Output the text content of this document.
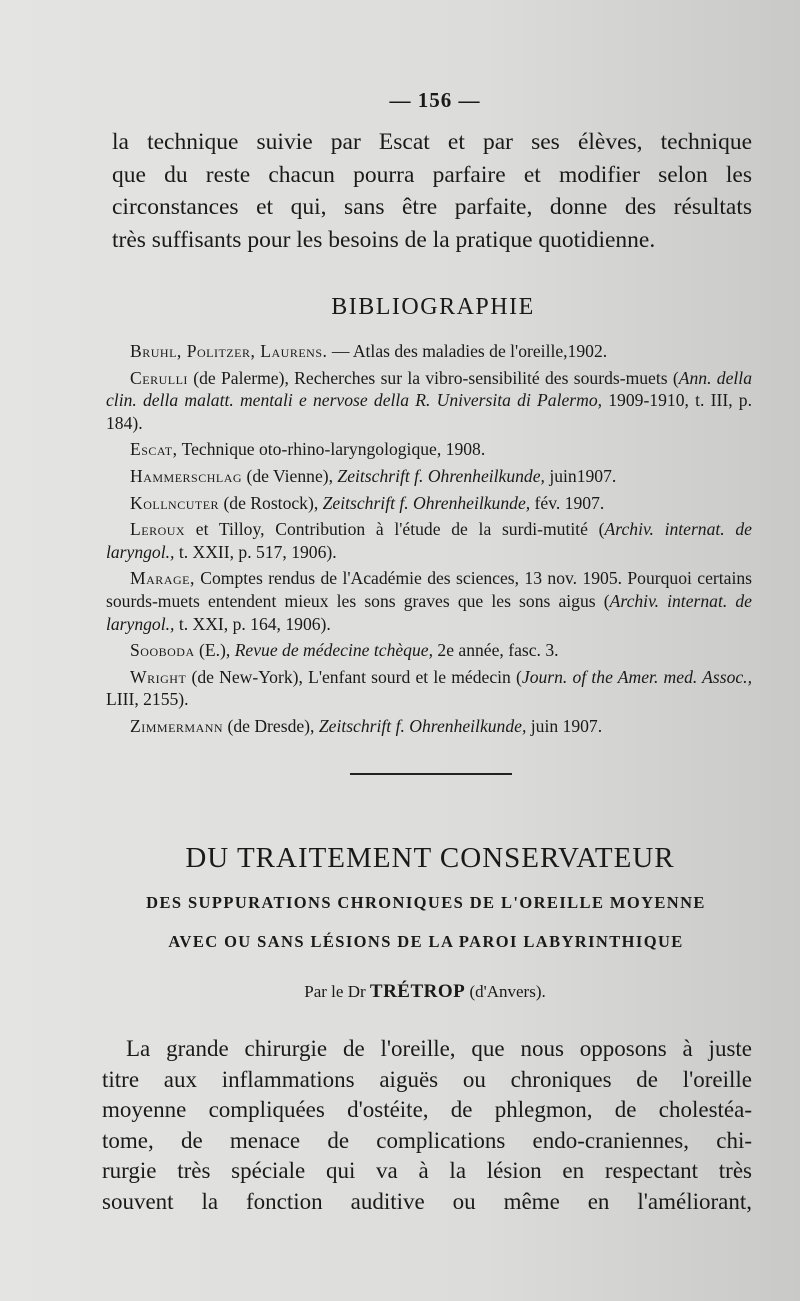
— 156 —

la technique suivie par Escat et par ses élèves, technique
que du reste chacun pourra parfaire et modifier selon les
circonstances et qui, sans être parfaite, donne des résultats
très suffisants pour les besoins de la pratique quotidienne.

BIBLIOGRAPHIE
Bruhl, Politzer, Laurens. — Atlas des maladies de l'oreille,1902.
Cerulli (de Palerme), Recherches sur la vibro-sensibilité des sourds-muets (Ann. della clin. della malatt. mentali e nervose della R. Universita di Palermo, 1909-1910, t. III, p. 184).
Escat, Technique oto-rhino-laryngologique, 1908.
Hammerschlag (de Vienne), Zeitschrift f. Ohrenheilkunde, juin1907.
Kollncuter (de Rostock), Zeitschrift f. Ohrenheilkunde, fév. 1907.
Leroux et Tilloy, Contribution à l'étude de la surdi-mutité (Archiv. internat. de laryngol., t. XXII, p. 517, 1906).
Marage, Comptes rendus de l'Académie des sciences, 13 nov. 1905. Pourquoi certains sourds-muets entendent mieux les sons graves que les sons aigus (Archiv. internat. de laryngol., t. XXI, p. 164, 1906).
Sooboda (E.), Revue de médecine tchèque, 2e année, fasc. 3.
Wright (de New-York), L'enfant sourd et le médecin (Journ. of the Amer. med. Assoc., LIII, 2155).
Zimmermann (de Dresde), Zeitschrift f. Ohrenheilkunde, juin 1907.
DU TRAITEMENT CONSERVATEUR

DES SUPPURATIONS CHRONIQUES DE L'OREILLE MOYENNE

AVEC OU SANS LÉSIONS DE LA PAROI LABYRINTHIQUE

Par le Dr TRÉTROP (d'Anvers).

La grande chirurgie de l'oreille, que nous opposons à juste
titre aux inflammations aiguës ou chroniques de l'oreille
moyenne compliquées d'ostéite, de phlegmon, de cholestéa-
tome, de menace de complications endo-craniennes, chi-
rurgie très spéciale qui va à la lésion en respectant très
souvent la fonction auditive ou même en l'améliorant,
